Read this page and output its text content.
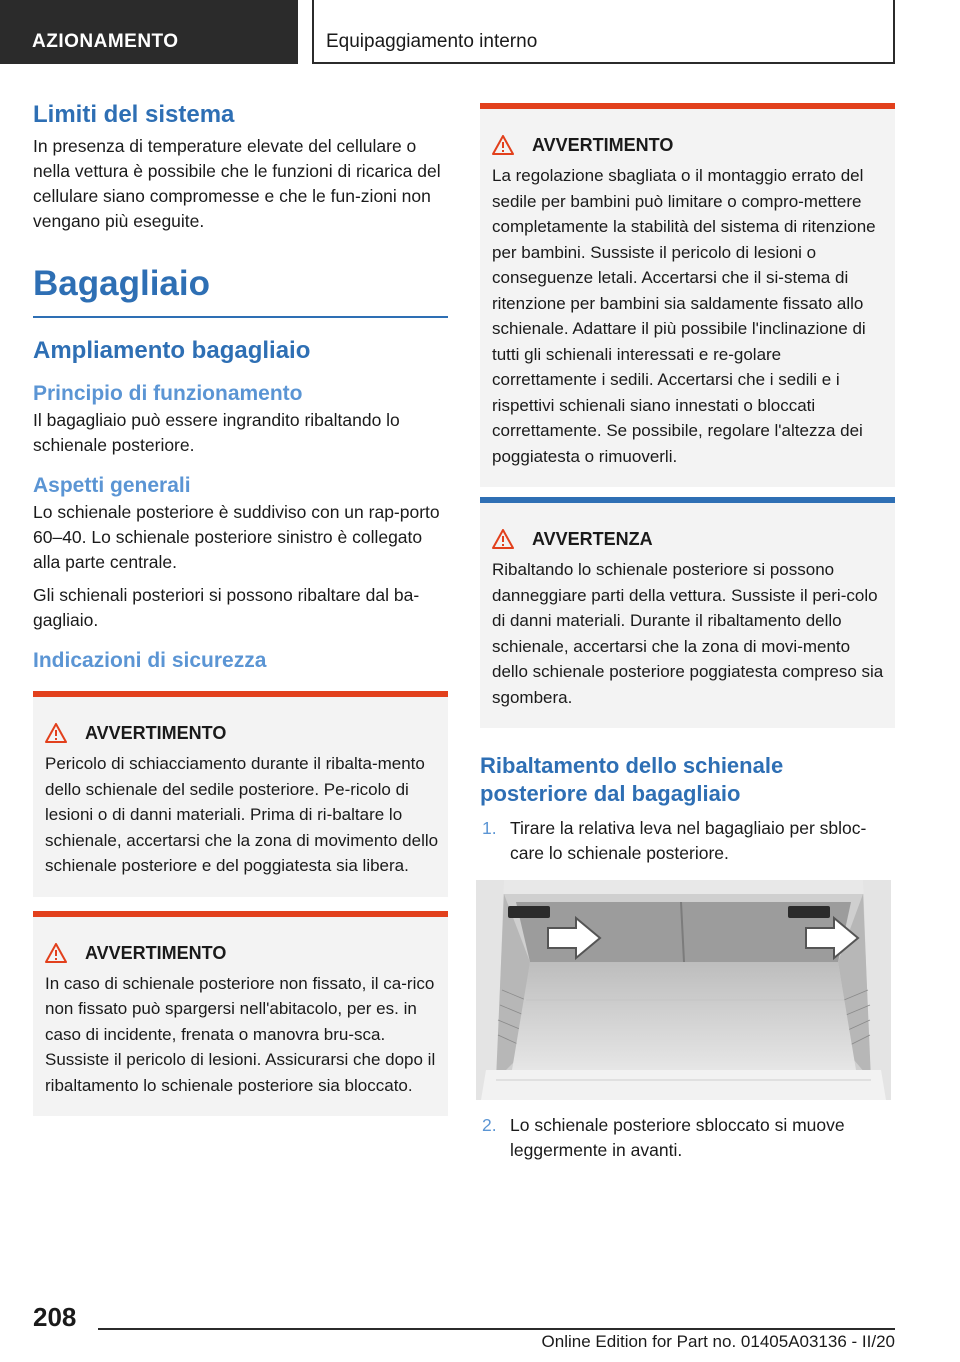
AZIONAMENTO	Equipaggiamento interno
Limiti del sistema

In presenza di temperature elevate del cellulare o nella vettura è possibile che le funzioni di ricarica del cellulare siano compromesse e che le fun-zioni non vengano più eseguite.

Bagagliaio
Ampliamento bagagliaio
Principio di funzionamento

Il bagagliaio può essere ingrandito ribaltando lo schienale posteriore.

Aspetti generali

Lo schienale posteriore è suddiviso con un rap-porto 60–40. Lo schienale posteriore sinistro è collegato alla parte centrale.

Gli schienali posteriori si possono ribaltare dal ba-gagliaio.

Indicazioni di sicurezza
AVVERTIMENTO

Pericolo di schiacciamento durante il ribalta-mento dello schienale del sedile posteriore. Pe-ricolo di lesioni o di danni materiali. Prima di ri-baltare lo schienale, accertarsi che la zona di movimento dello schienale posteriore e del poggiatesta sia libera.

AVVERTIMENTO

In caso di schienale posteriore non fissato, il ca-rico non fissato può spargersi nell'abitacolo, per es. in caso di incidente, frenata o manovra bru-sca. Sussiste il pericolo di lesioni. Assicurarsi che dopo il ribaltamento lo schienale posteriore sia bloccato.

AVVERTIMENTO

La regolazione sbagliata o il montaggio errato del sedile per bambini può limitare o compro-mettere completamente la stabilità del sistema di ritenzione per bambini. Sussiste il pericolo di lesioni o conseguenze letali. Accertarsi che il si-stema di ritenzione per bambini sia saldamente fissato allo schienale. Adattare il più possibile l'inclinazione di tutti gli schienali interessati e re-golare correttamente i sedili. Accertarsi che i sedili e i rispettivi schienali siano innestati o bloccati correttamente. Se possibile, regolare l'altezza dei poggiatesta o rimuoverli.

AVVERTENZA

Ribaltando lo schienale posteriore si possono danneggiare parti della vettura. Sussiste il peri-colo di danni materiali. Durante il ribaltamento dello schienale, accertarsi che la zona di movi-mento dello schienale posteriore poggiatesta compreso sia sgombera.

Ribaltamento dello schienale posteriore dal bagagliaio
1. Tirare la relativa leva nel bagagliaio per sbloc-care lo schienale posteriore.
2. Lo schienale posteriore sbloccato si muove leggermente in avanti.
208
Online Edition for Part no. 01405A03136 - II/20
